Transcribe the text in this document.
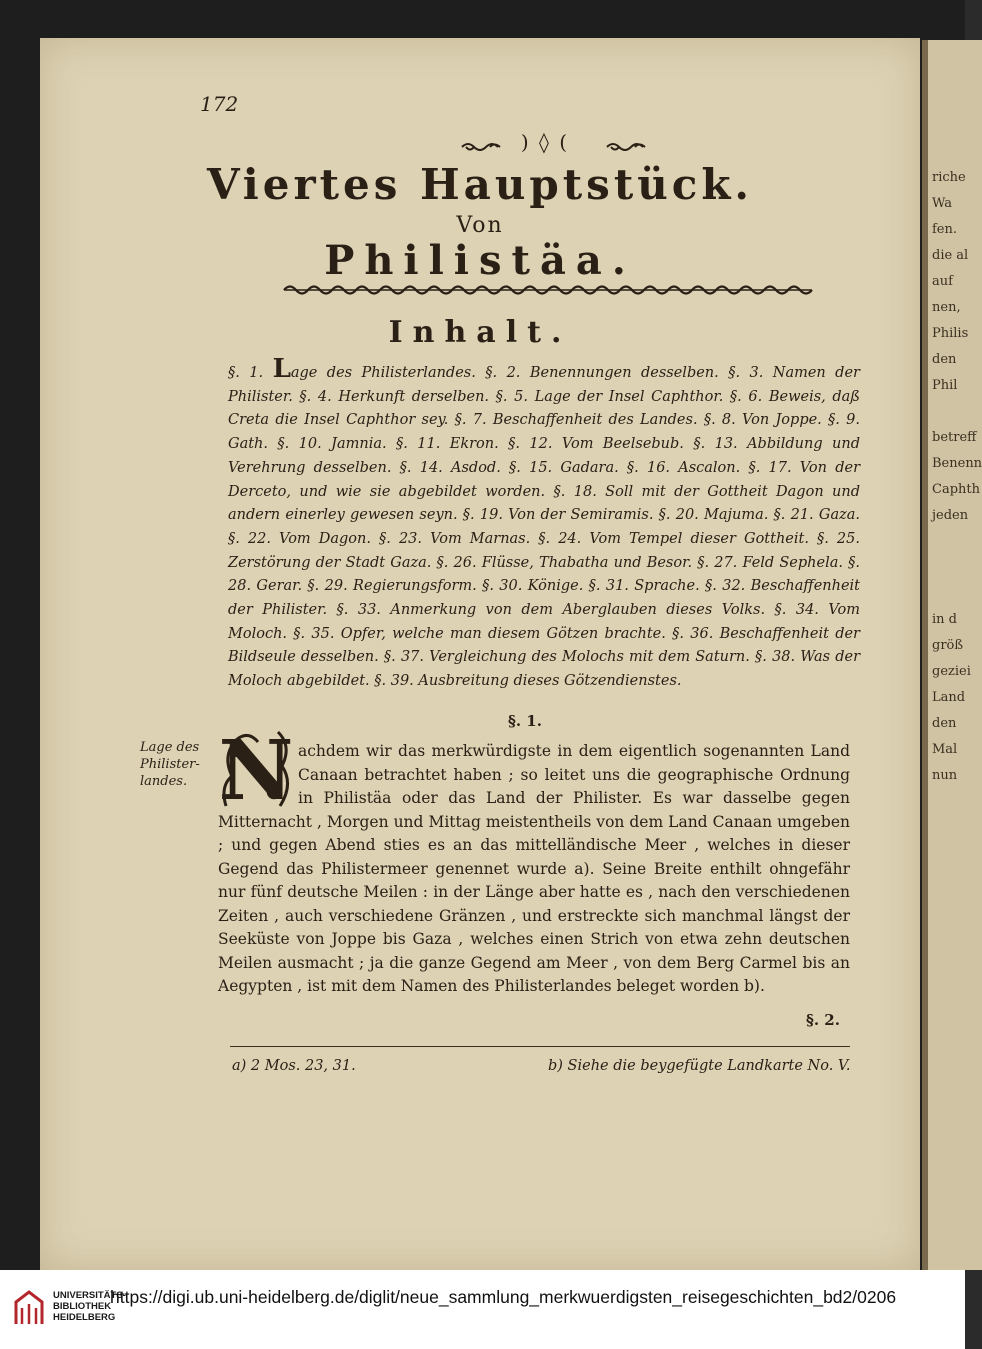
riche
Wa
fen.
die al
auf
nen,
Philis
den
Phil
betreff
Benenn
Caphth
jeden
in d
größ
geziei
Land
den
Mal
nun
172
) ◊ (
Viertes Hauptstück.
Von
Philistäa.
Inhalt.
§. 1. Lage des Philisterlandes. §. 2. Benennungen desselben. §. 3. Namen der Philister. §. 4. Herkunft derselben. §. 5. Lage der Insel Caphthor. §. 6. Beweis, daß Creta die Insel Caphthor sey. §. 7. Beschaffenheit des Landes. §. 8. Von Joppe. §. 9. Gath. §. 10. Jamnia. §. 11. Ekron. §. 12. Vom Beelsebub. §. 13. Abbildung und Verehrung desselben. §. 14. Asdod. §. 15. Gadara. §. 16. Ascalon. §. 17. Von der Derceto, und wie sie abgebildet worden. §. 18. Soll mit der Gottheit Dagon und andern einerley gewesen seyn. §. 19. Von der Semiramis. §. 20. Majuma. §. 21. Gaza. §. 22. Vom Dagon. §. 23. Vom Marnas. §. 24. Vom Tempel dieser Gottheit. §. 25. Zerstörung der Stadt Gaza. §. 26. Flüsse, Thabatha und Besor. §. 27. Feld Sephela. §. 28. Gerar. §. 29. Regierungsform. §. 30. Könige. §. 31. Sprache. §. 32. Beschaffenheit der Philister. §. 33. Anmerkung von dem Aberglauben dieses Volks. §. 34. Vom Moloch. §. 35. Opfer, welche man diesem Götzen brachte. §. 36. Beschaffenheit der Bildseule desselben. §. 37. Vergleichung des Molochs mit dem Saturn. §. 38. Was der Moloch abgebildet. §. 39. Ausbreitung dieses Götzendienstes.
§. 1.
Lage des Philister-landes. N achdem wir das merkwürdigste in dem eigentlich sogenannten Land Canaan betrachtet haben ; so leitet uns die geographische Ordnung in Philistäa oder das Land der Philister. Es war dasselbe gegen Mitternacht , Morgen und Mittag meistentheils von dem Land Canaan umgeben ; und gegen Abend sties es an das mittelländische Meer , welches in dieser Gegend das Philistermeer genennet wurde a). Seine Breite enthilt ohngefähr nur fünf deutsche Meilen : in der Länge aber hatte es , nach den verschiedenen Zeiten , auch verschiedene Gränzen , und erstreckte sich manchmal längst der Seeküste von Joppe bis Gaza , welches einen Strich von etwa zehn deutschen Meilen ausmacht ; ja die ganze Gegend am Meer , von dem Berg Carmel bis an Aegypten , ist mit dem Namen des Philisterlandes beleget worden b).
§. 2.
a) 2 Mos. 23, 31.	b) Siehe die beygefügte Landkarte No. V.
UNIVERSITÄTS-
BIBLIOTHEK
HEIDELBERG
https://digi.ub.uni-heidelberg.de/diglit/neue_sammlung_merkwuerdigsten_reisegeschichten_bd2/0206
